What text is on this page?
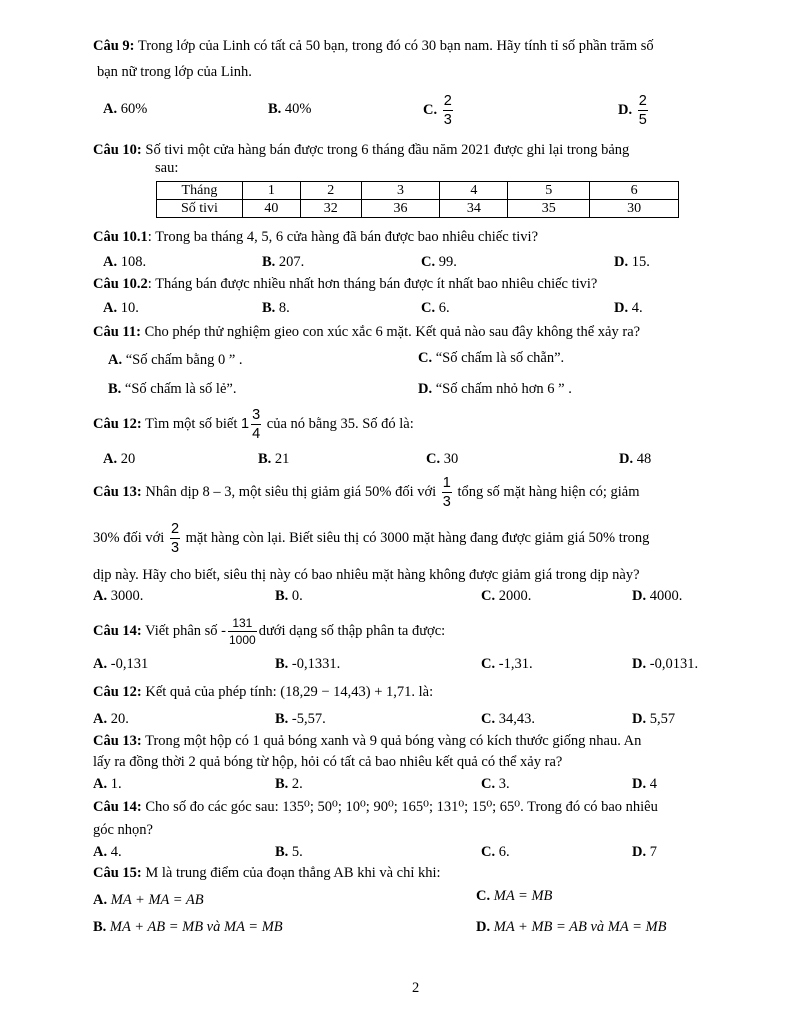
Câu 9: Trong lớp của Linh có tất cả 50 bạn, trong đó có 30 bạn nam. Hãy tính tỉ số phần trăm số
bạn nữ trong lớp của Linh.
A. 60%	B. 40%	C. $\frac{2}{3}$	D. $\frac{2}{5}$
Câu 10: Số tivi một cửa hàng bán được trong 6 tháng đầu năm 2021 được ghi lại trong bảng
sau:
Tháng	1	2	3	4	5	6
Số tivi	40	32	36	34	35	30
Câu 10.1: Trong ba tháng 4, 5, 6 cửa hàng đã bán được bao nhiêu chiếc tivi?
A. 108.	B. 207.	C. 99.	D. 15.
Câu 10.2: Tháng bán được nhiều nhất hơn tháng bán được ít nhất bao nhiêu chiếc tivi?
A. 10.	B. 8.	C. 6.	D. 4.
Câu 11: Cho phép thử nghiệm gieo con xúc xắc 6 mặt. Kết quả nào sau đây không thể xảy ra?
A. “Số chấm bằng 0 ” .	C. “Số chấm là số chẵn”.
B. “Số chấm là số lẻ”.	D. “Số chấm nhỏ hơn 6 ” .
Câu 12: Tìm một số biết $1 \frac{3}{4}$ của nó bằng 35. Số đó là:
A. 20	B. 21	C. 30	D. 48
Câu 13: Nhân dịp 8 – 3, một siêu thị giảm giá 50% đối với $\frac{1}{3}$ tổng số mặt hàng hiện có; giảm
30% đối với $\frac{2}{3}$ mặt hàng còn lại. Biết siêu thị có 3000 mặt hàng đang được giảm giá 50% trong
dịp này. Hãy cho biết, siêu thị này có bao nhiêu mặt hàng không được giảm giá trong dịp này?
A. 3000.	B. 0.	C. 2000.	D. 4000.
Câu 14: Viết phân số - $\frac{131}{1000}$ dưới dạng số thập phân ta được:
A. -0,131	B. -0,1331.	C. -1,31.	D. -0,0131.
Câu 12: Kết quả của phép tính: (18,29 − 14,43) + 1,71. là:
A. 20.	B. -5,57.	C. 34,43.	D. 5,57
Câu 13: Trong một hộp có 1 quả bóng xanh và 9 quả bóng vàng có kích thước giống nhau. An
lấy ra đồng thời 2 quả bóng từ hộp, hỏi có tất cả bao nhiêu kết quả có thể xảy ra?
A. 1.	B. 2.	C. 3.	D. 4
Câu 14: Cho số đo các góc sau: 135⁰; 50⁰; 10⁰; 90⁰; 165⁰; 131⁰; 15⁰; 65⁰. Trong đó có bao nhiêu
góc nhọn?
A. 4.	B. 5.	C. 6.	D. 7
Câu 15: M là trung điểm của đoạn thẳng AB khi và chỉ khi:
A. MA + MA = AB	C. MA = MB
B. MA + AB = MB và MA = MB	D. MA + MB = AB và MA = MB
2
